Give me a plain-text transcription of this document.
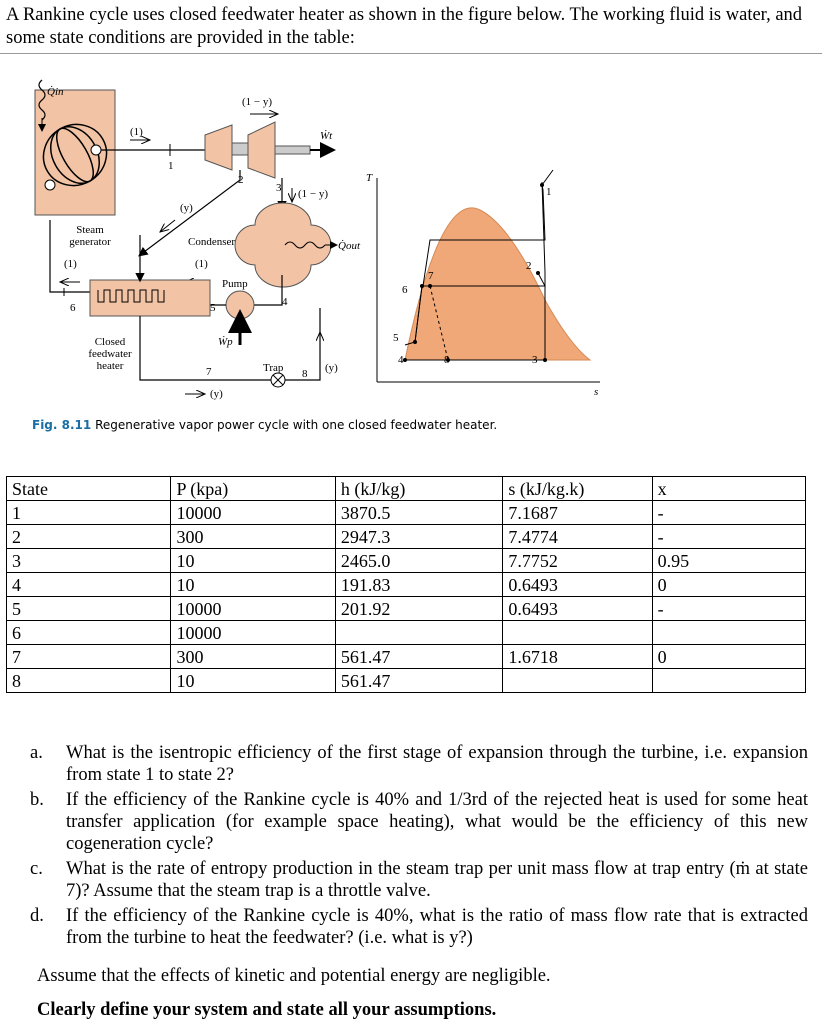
A Rankine cycle uses closed feedwater heater as shown in the figure below. The working fluid is water, and some state conditions are provided in the table:
Q̇in
(1 − y)
(1)
1
Ẇt
2
3 (1 − y)
(y)
Steam generator
(1)
Condenser	Q̇out
(1)
Pump
4
5
6
Ẇp
Closed feedwater heater	7	Trap 8 (y)
(y)
T
s
1
2
3
4
5
6
7
8
Fig. 8.11 Regenerative vapor power cycle with one closed feedwater heater.
State	P (kpa)	h (kJ/kg)	s (kJ/kg.k)	x
1	10000	3870.5	7.1687	-
2	300	2947.3	7.4774	-
3	10	2465.0	7.7752	0.95
4	10	191.83	0.6493	0
5	10000	201.92	0.6493	-
6	10000			
7	300	561.47	1.6718	0
8	10	561.47		
a.	What is the isentropic efficiency of the first stage of expansion through the turbine, i.e. expansion from state 1 to state 2?
b.	If the efficiency of the Rankine cycle is 40% and 1/3rd of the rejected heat is used for some heat transfer application (for example space heating), what would be the efficiency of this new cogeneration cycle?
c.	What is the rate of entropy production in the steam trap per unit mass flow at trap entry (ṁ at state 7)? Assume that the steam trap is a throttle valve.
d.	If the efficiency of the Rankine cycle is 40%, what is the ratio of mass flow rate that is extracted from the turbine to heat the feedwater? (i.e. what is y?)
Assume that the effects of kinetic and potential energy are negligible.
Clearly define your system and state all your assumptions.
